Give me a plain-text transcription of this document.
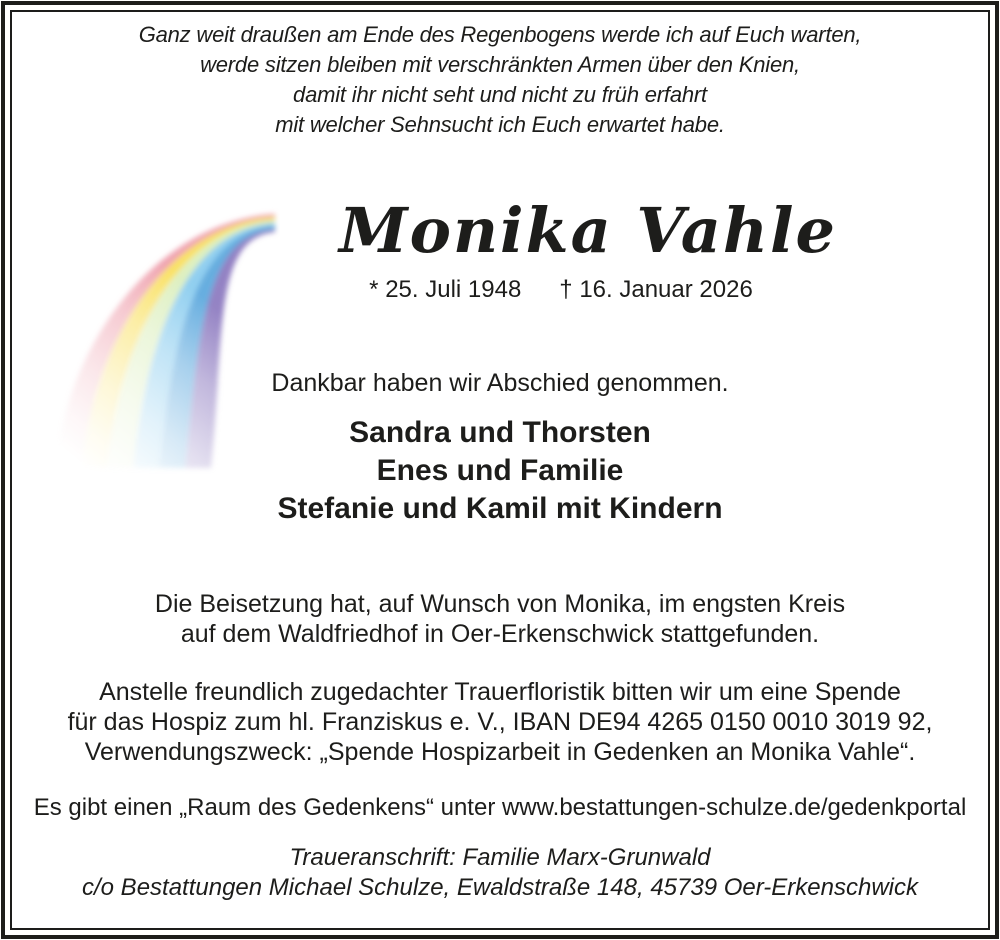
Ganz weit draußen am Ende des Regenbogens werde ich auf Euch warten,
werde sitzen bleiben mit verschränkten Armen über den Knien,
damit ihr nicht seht und nicht zu früh erfahrt
mit welcher Sehnsucht ich Euch erwartet habe.
Monika Vahle
* 25. Juli 1948 † 16. Januar 2026
Dankbar haben wir Abschied genommen.
Sandra und Thorsten
Enes und Familie
Stefanie und Kamil mit Kindern
Die Beisetzung hat, auf Wunsch von Monika, im engsten Kreis
auf dem Waldfriedhof in Oer-Erkenschwick stattgefunden.
Anstelle freundlich zugedachter Trauerfloristik bitten wir um eine Spende
für das Hospiz zum hl. Franziskus e. V., IBAN DE94 4265 0150 0010 3019 92,
Verwendungszweck: „Spende Hospizarbeit in Gedenken an Monika Vahle“.
Es gibt einen „Raum des Gedenkens“ unter www.bestattungen-schulze.de/gedenkportal
Traueranschrift: Familie Marx-Grunwald
c/o Bestattungen Michael Schulze, Ewaldstraße 148, 45739 Oer-Erkenschwick
